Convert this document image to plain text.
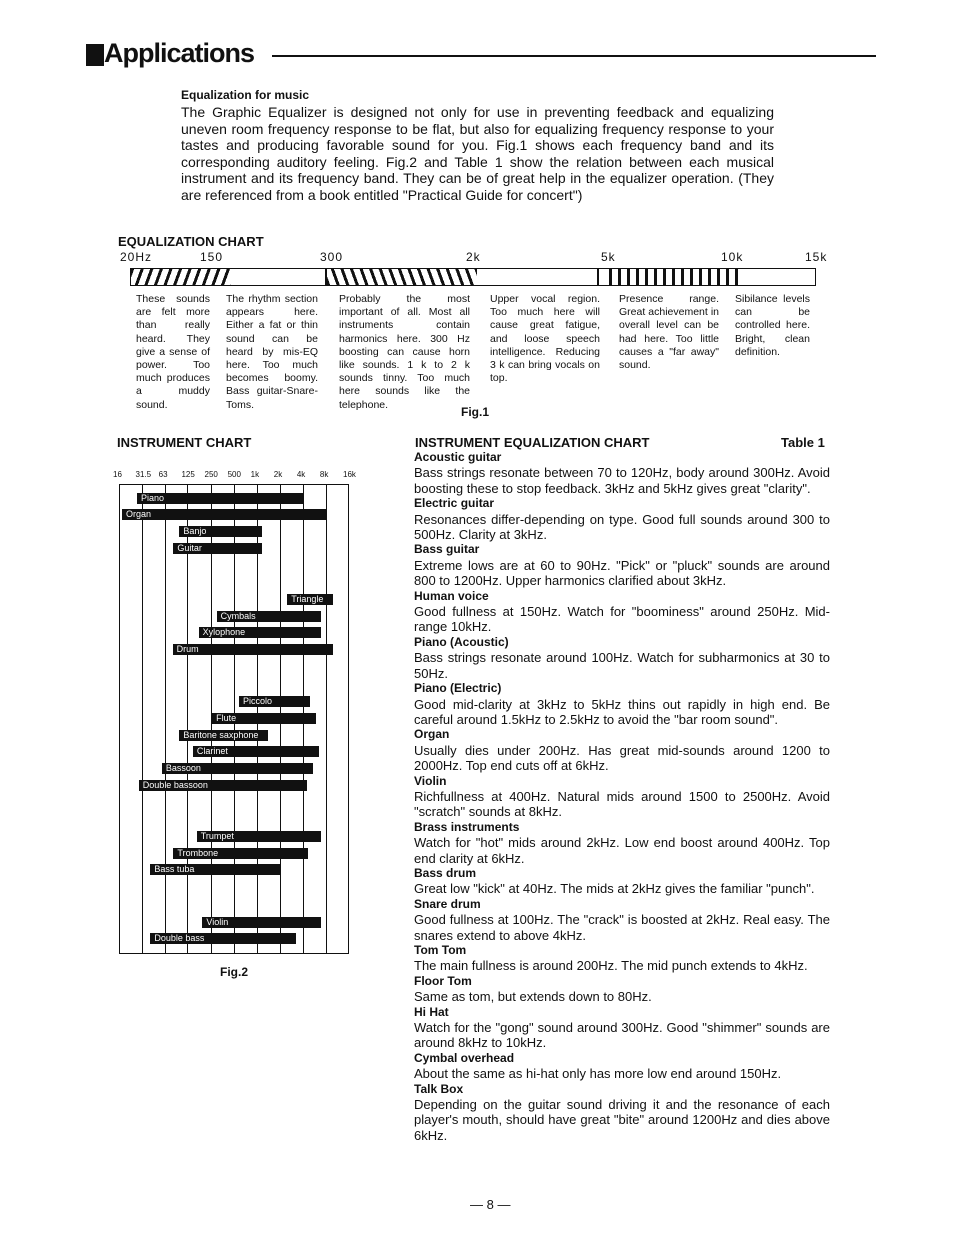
Applications
Equalization for music

The Graphic Equalizer is designed not only for use in preventing feedback and equalizing uneven room frequency response to be flat, but also for equalizing frequency response to your tastes and producing favorable sound for you. Fig.1 shows each frequency band and its corresponding auditory feeling. Fig.2 and Table 1 show the relation between each musical instrument and its frequency band. They can be of great help in the equalizer operation. (They are referenced from a book entitled "Practical Guide for concert")

EQUALIZATION CHART
20Hz	150	300	2k	5k	10k	15k

These sounds are felt more than really heard. They give a sense of power. Too much produces a muddy sound.

The rhythm section appears here. Either a fat or thin sound can be heard by mis-EQ here. Too much becomes boomy. Bass guitar-Snare-Toms.

Probably the most important of all. Most all instruments contain harmonics here. 300 Hz boosting can cause horn like sounds. 1 k to 2 k sounds tinny. Too much here sounds like the telephone.

Upper vocal region. Too much here will cause great fatigue, and loose speech intelligence. Reducing 3 k can bring vocals on top.

Presence range. Great achievement in overall level can be had here. Too little causes a "far away" sound.

Sibilance levels can be controlled here. Bright, clean definition.

Fig.1
INSTRUMENT CHART
16 31.5 63 125 250 500 1k 2k 4k 8k 16k
Piano
Organ
Banjo
Guitar
Triangle
Cymbals
Xylophone
Drum
Piccolo
Flute
Baritone saxphone
Clarinet
Bassoon
Double bassoon
Trumpet
Trombone
Bass tuba
Violin
Double bass
Fig.2
INSTRUMENT EQUALIZATION CHART	Table 1

Acoustic guitar

Bass strings resonate between 70 to 120Hz, body around 300Hz. Avoid boosting these to stop feedback. 3kHz and 5kHz gives great "clarity".

Electric guitar

Resonances differ-depending on type. Good full sounds around 300 to 500Hz. Clarity at 3kHz.

Bass guitar

Extreme lows are at 60 to 90Hz. "Pick" or "pluck" sounds are around 800 to 1200Hz. Upper harmonics clarified about 3kHz.

Human voice

Good fullness at 150Hz. Watch for "boominess" around 250Hz. Mid-range 10kHz.

Piano (Acoustic)

Bass strings resonate around 100Hz. Watch for subharmonics at 30 to 50Hz.

Piano (Electric)

Good mid-clarity at 3kHz to 5kHz thins out rapidly in high end. Be careful around 1.5kHz to 2.5kHz to avoid the "bar room sound".

Organ

Usually dies under 200Hz. Has great mid-sounds around 1200 to 2000Hz. Top end cuts off at 6kHz.

Violin

Richfullness at 400Hz. Natural mids around 1500 to 2500Hz. Avoid "scratch" sounds at 8kHz.

Brass instruments

Watch for "hot" mids around 2kHz. Low end boost around 400Hz. Top end clarity at 6kHz.

Bass drum

Great low "kick" at 40Hz. The mids at 2kHz gives the familiar "punch".

Snare drum

Good fullness at 100Hz. The "crack" is boosted at 2kHz. Real easy. The snares extend to above 4kHz.

Tom Tom

The main fullness is around 200Hz. The mid punch extends to 4kHz.

Floor Tom

Same as tom, but extends down to 80Hz.

Hi Hat

Watch for the "gong" sound around 300Hz. Good "shimmer" sounds are around 8kHz to 10kHz.

Cymbal overhead

About the same as hi-hat only has more low end around 150Hz.

Talk Box

Depending on the guitar sound driving it and the resonance of each player's mouth, should have great "bite" around 1200Hz and dies above 6kHz.

— 8 —
